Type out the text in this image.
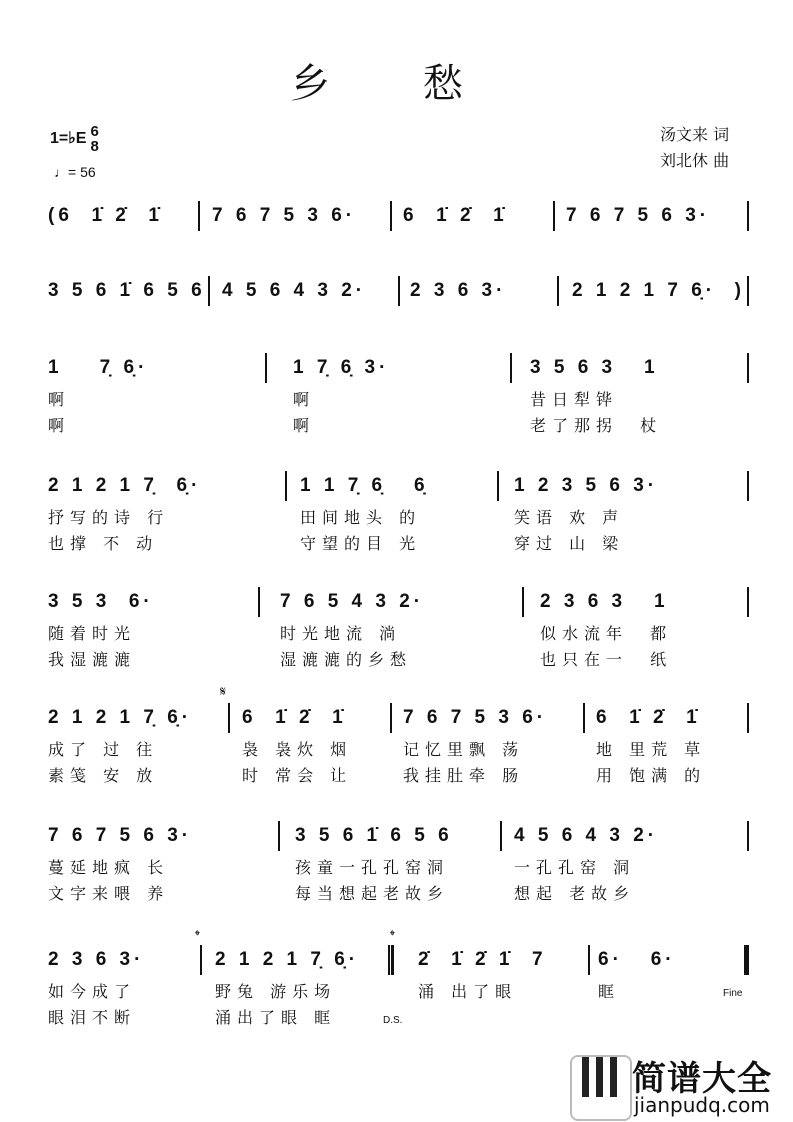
乡 愁
1=♭E 6
8
♩= 56
汤文来 词
刘北休 曲
(6  1̇ 2̇  1̇	7 6 7 5 3 6· 6  1̇ 2̇  1̇	7 6 7 5 6 3·
3 5 6 1̇ 6 5 6 4 5 6 4 3 2· 2 3 6 3·	2 1 2 1 7 6̣·  )
1    7̣ 6̣·
啊
啊
1 7̣ 6̣ 3·
啊
啊
3 5 6 3   1
昔日犁铧
老了那拐  杖
2 1 2 1 7̣  6̣·
抒写的诗 行
也撑 不 动
1 1 7̣ 6̣   6̣
田间地头 的
守望的目 光
1 2 3 5 6 3·
笑语 欢 声
穿过 山 梁
3 5 3  6·
随着时光
我湿漉漉
7 6 5 4 3 2·
时光地流 淌
湿漉漉的乡愁
2 3 6 3   1
似水流年  都
也只在一  纸
2 1 2 1 7̣ 6̣·
成了 过 往
素笺 安 放
6  1̇ 2̇  1̇
袅 袅炊 烟
时 常会 让
7 6 7 5 3 6·
记忆里飘 荡
我挂肚牵 肠
6  1̇ 2̇  1̇
地 里荒 草
用 饱满 的
7 6 7 5 6 3·
蔓延地疯 长
文字来喂 养
3 5 6 1̇ 6 5 6
孩童一孔孔窑洞
每当想起老故乡
4 5 6 4 3 2·
一孔孔窑 洞
想起 老故乡
2 3 6 3·
如今成了
眼泪不断
2 1 2 1 7̣ 6̣·
野兔 游乐场
涌出了眼 眶
2̇  1̇ 2̇ 1̇  7
涌 出了眼
6·   6·
眶
𝄋
𝄌	𝄌
Fine
D.S.

简谱大全

jianpudq.com
